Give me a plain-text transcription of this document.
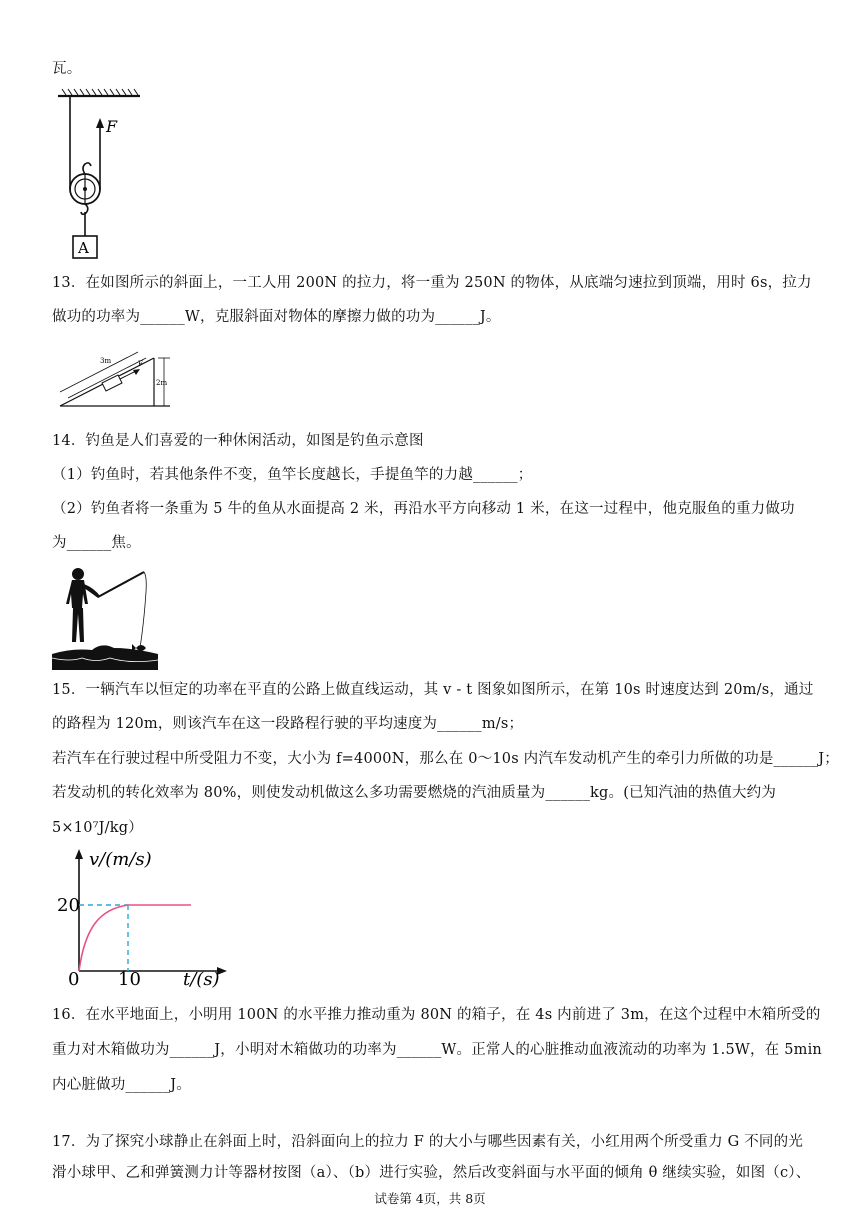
瓦。
F
A
13．在如图所示的斜面上，一工人用 200N 的拉力，将一重为 250N 的物体，从底端匀速拉到顶端，用时 6s，拉力
做功的功率为______W，克服斜面对物体的摩擦力做的功为______J。
F
3m
2m
14．钓鱼是人们喜爱的一种休闲活动，如图是钓鱼示意图
（1）钓鱼时，若其他条件不变，鱼竿长度越长，手提鱼竿的力越______；
（2）钓鱼者将一条重为 5 牛的鱼从水面提高 2 米，再沿水平方向移动 1 米，在这一过程中，他克服鱼的重力做功
为______焦。
15．一辆汽车以恒定的功率在平直的公路上做直线运动，其 v - t 图象如图所示，在第 10s 时速度达到 20m/s，通过
的路程为 120m，则该汽车在这一段路程行驶的平均速度为______m/s；
若汽车在行驶过程中所受阻力不变，大小为 f=4000N，那么在 0～10s 内汽车发动机产生的牵引力所做的功是______J；
若发动机的转化效率为 80%，则使发动机做这么多功需要燃烧的汽油质量为______kg。(已知汽油的热值大约为
5×10⁷J/kg）
v/(m/s)
t/(s)
20
10
0
16．在水平地面上，小明用 100N 的水平推力推动重为 80N 的箱子，在 4s 内前进了 3m，在这个过程中木箱所受的
重力对木箱做功为______J，小明对木箱做功的功率为______W。正常人的心脏推动血液流动的功率为 1.5W，在 5min
内心脏做功______J。
17．为了探究小球静止在斜面上时，沿斜面向上的拉力 F 的大小与哪些因素有关，小红用两个所受重力 G 不同的光
滑小球甲、乙和弹簧测力计等器材按图（a）、（b）进行实验，然后改变斜面与水平面的倾角 θ 继续实验，如图（c）、
试卷第 4页，共 8页
